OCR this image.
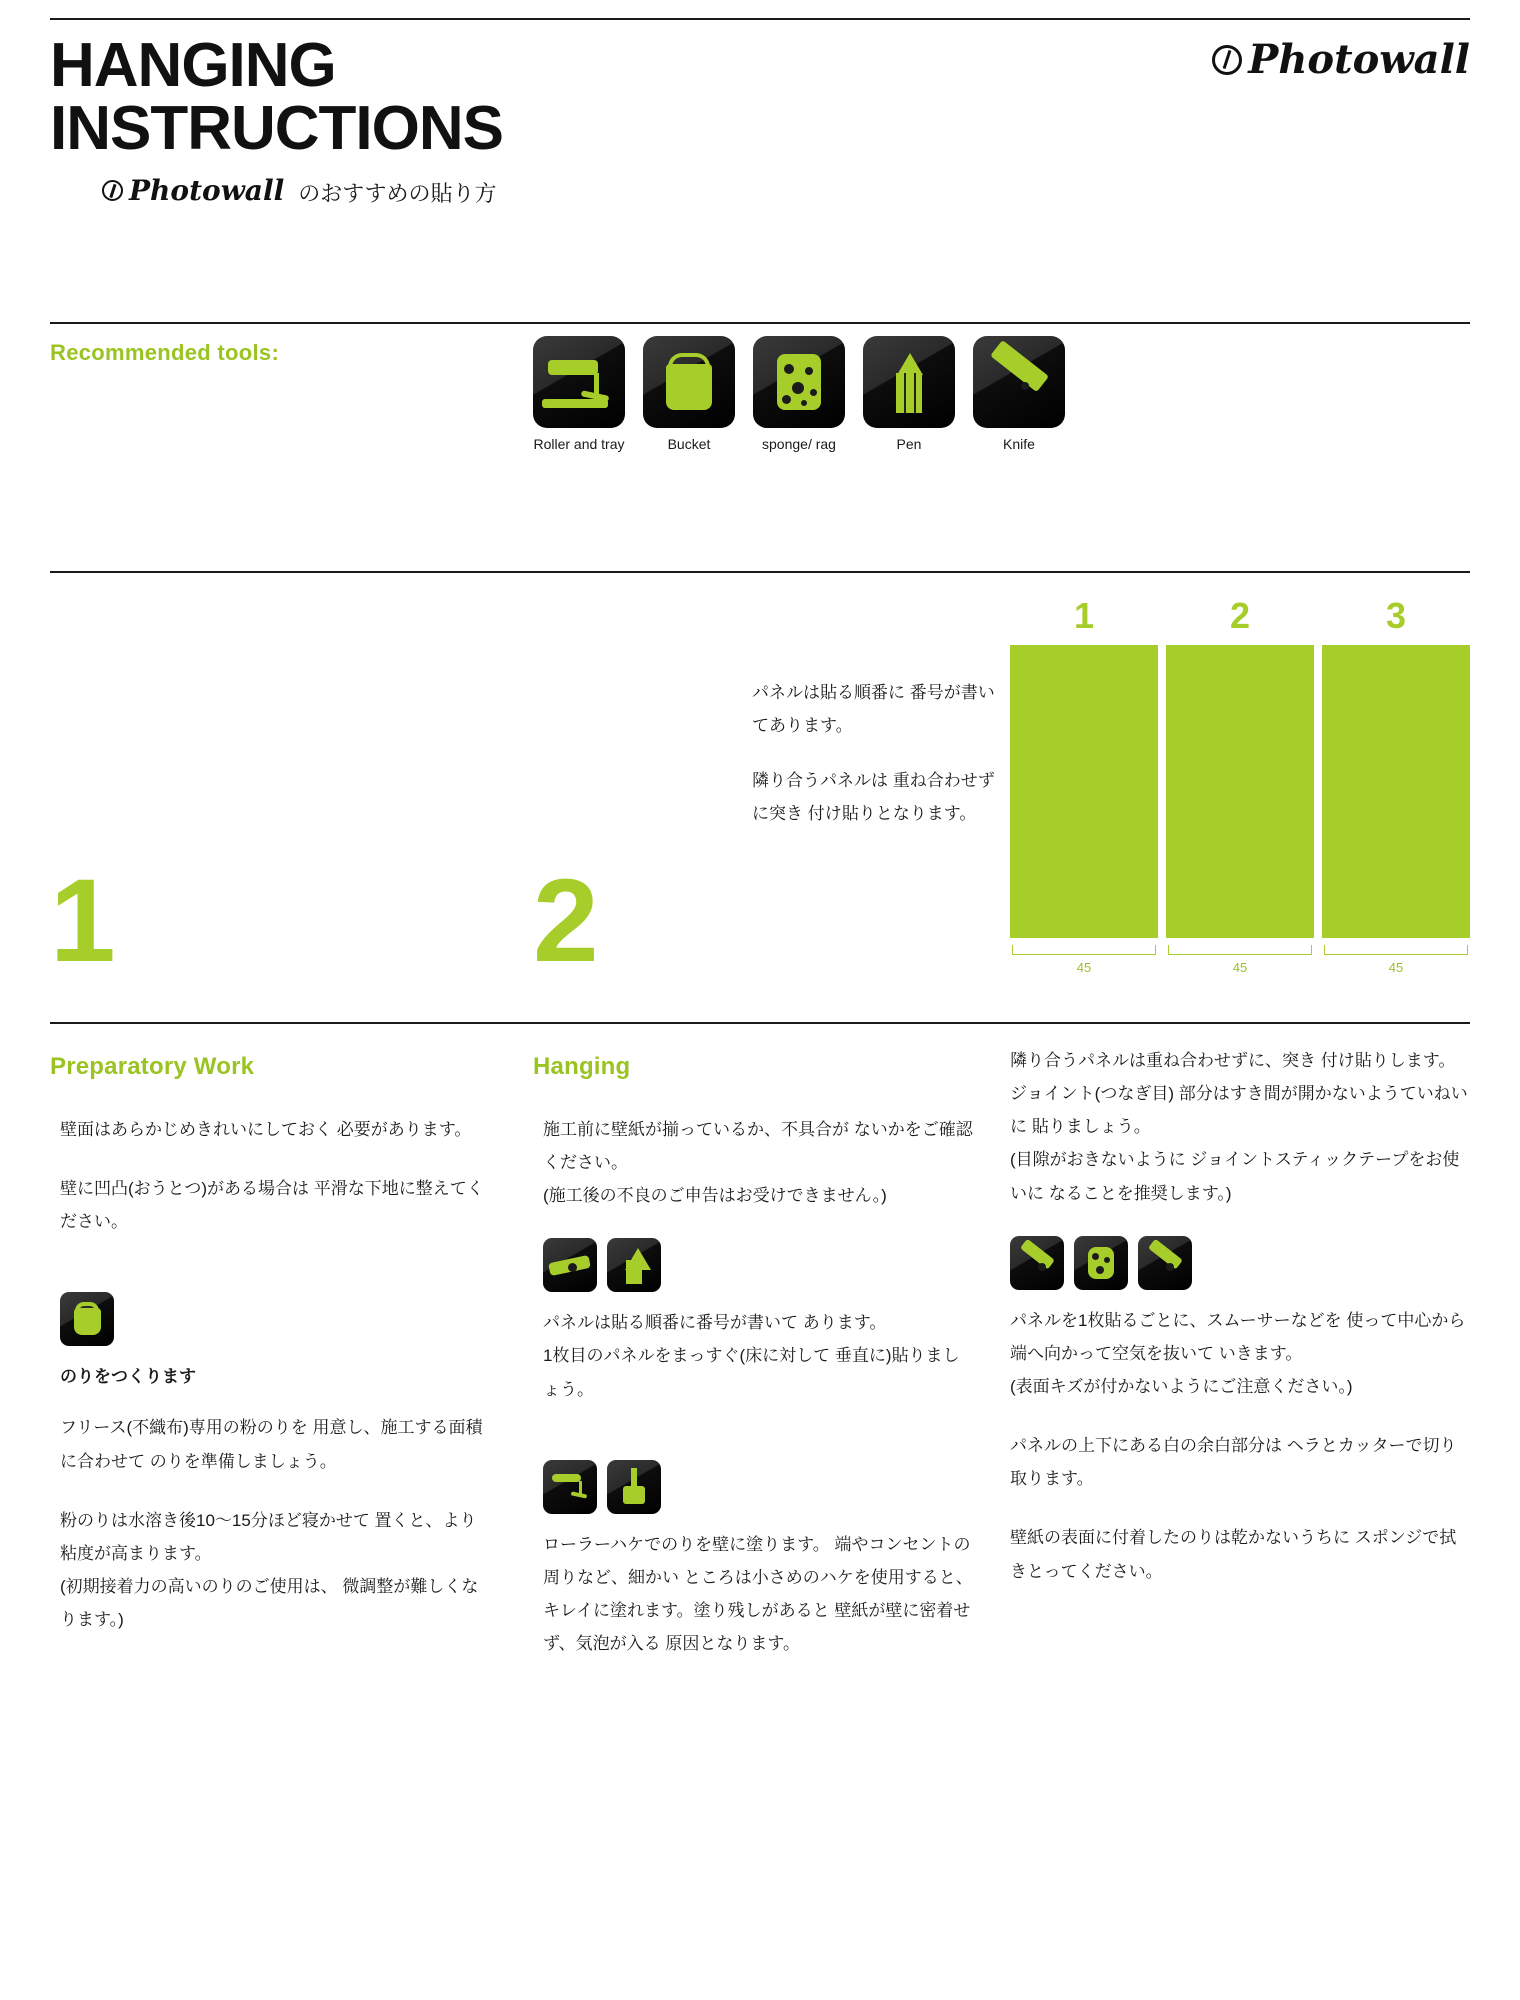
Photowall
HANGING
INSTRUCTIONS
Photowall のおすすめの貼り方
Recommended tools:
Roller and tray	Bucket	sponge/ rag	Pen	Knife
1	2

パネルは貼る順番に 番号が書いてあります。

隣り合うパネルは 重ね合わせずに突き 付け貼りとなります。

1	2	3
45	45	45
Preparatory Work

壁面はあらかじめきれいにしておく 必要があります。

壁に凹凸(おうとつ)がある場合は 平滑な下地に整えてください。

のりをつくります

フリース(不織布)専用の粉のりを 用意し、施工する面積に合わせて のりを準備しましょう。

粉のりは水溶き後10〜15分ほど寝かせて 置くと、より粘度が高まります。

(初期接着力の高いのりのご使用は、 微調整が難しくなります。)

Hanging

施工前に壁紙が揃っているか、不具合が ないかをご確認ください。

(施工後の不良のご申告はお受けできません。)

パネルは貼る順番に番号が書いて あります。

1枚目のパネルをまっすぐ(床に対して 垂直に)貼りましょう。

ローラーハケでのりを壁に塗ります。 端やコンセントの周りなど、細かい ところは小さめのハケを使用すると、 キレイに塗れます。塗り残しがあると 壁紙が壁に密着せず、気泡が入る 原因となります。

隣り合うパネルは重ね合わせずに、突き 付け貼りします。ジョイント(つなぎ目) 部分はすき間が開かないようていねいに 貼りましょう。

(目隙がおきないように ジョイントスティックテープをお使いに なることを推奨します。)

パネルを1枚貼るごとに、スムーサーなどを 使って中心から端へ向かって空気を抜いて いきます。

(表面キズが付かないようにご注意ください。)

パネルの上下にある白の余白部分は ヘラとカッターで切り取ります。

壁紙の表面に付着したのりは乾かないうちに スポンジで拭きとってください。
